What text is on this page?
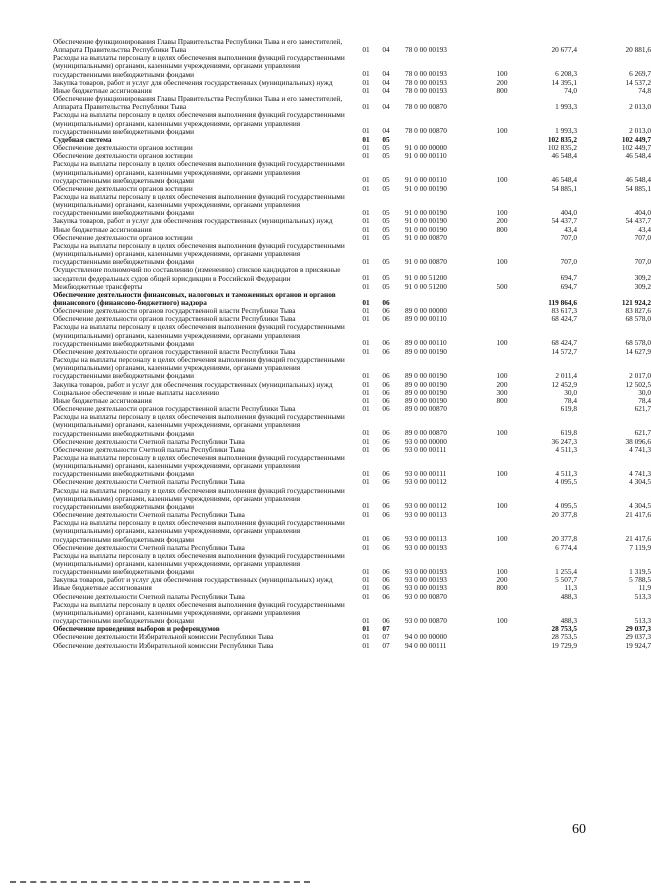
Обеспечение функционирования Главы Правительства Республики Тыва и его заместителей, Аппарата Правительства Республики Тыва	01	04	78 0 00 00193	20 677,4	20 881,6
Расходы на выплаты персоналу в целях обеспечения выполнения функций государственными (муниципальными) органами, казенными учреждениями, органами управления государственными внебюджетными фондами	01	04	78 0 00 00193	100	6 208,3	6 269,7
Закупка товаров, работ и услуг для обеспечения государственных (муниципальных) нужд	01	04	78 0 00 00193	200	14 395,1	14 537,2
Иные бюджетные ассигнования	01	04	78 0 00 00193	800	74,0	74,8
Обеспечение функционирования Главы Правительства Республики Тыва и его заместителей, Аппарата Правительства Республики Тыва	01	04	78 0 00 00870	1 993,3	2 013,0
Расходы на выплаты персоналу в целях обеспечения выполнения функций государственными (муниципальными) органами, казенными учреждениями, органами управления государственными внебюджетными фондами	01	04	78 0 00 00870	100	1 993,3	2 013,0
Судебная система	01	05	102 835,2	102 449,7
Обеспечение деятельности органов юстиции	01	05	91 0 00 00000	102 835,2	102 449,7
Обеспечение деятельности органов юстиции	01	05	91 0 00 00110	46 548,4	46 548,4
Расходы на выплаты персоналу в целях обеспечения выполнения функций государственными (муниципальными) органами, казенными учреждениями, органами управления государственными внебюджетными фондами	01	05	91 0 00 00110	100	46 548,4	46 548,4
Обеспечение деятельности органов юстиции	01	05	91 0 00 00190	54 885,1	54 885,1
Расходы на выплаты персоналу в целях обеспечения выполнения функций государственными (муниципальными) органами, казенными учреждениями, органами управления государственными внебюджетными фондами	01	05	91 0 00 00190	100	404,0	404,0
Закупка товаров, работ и услуг для обеспечения государственных (муниципальных) нужд	01	05	91 0 00 00190	200	54 437,7	54 437,7
Иные бюджетные ассигнования	01	05	91 0 00 00190	800	43,4	43,4
Обеспечение деятельности органов юстиции	01	05	91 0 00 00870	707,0	707,0
Расходы на выплаты персоналу в целях обеспечения выполнения функций государственными (муниципальными) органами, казенными учреждениями, органами управления государственными внебюджетными фондами	01	05	91 0 00 00870	100	707,0	707,0
Осуществление полномочий по составлению (изменению) списков кандидатов в присяжные заседатели федеральных судов общей юрисдикции в Российской Федерации	01	05	91 0 00 51200	694,7	309,2
Межбюджетные трансферты	01	05	91 0 00 51200	500	694,7	309,2
Обеспечение деятельности финансовых, налоговых и таможенных органов и органов финансового (финансово-бюджетного) надзора	01	06	119 864,6	121 924,2
Обеспечение деятельности органов государственной власти Республики Тыва	01	06	89 0 00 00000	83 617,3	83 827,6
Обеспечение деятельности органов государственной власти Республики Тыва	01	06	89 0 00 00110	68 424,7	68 578,0
Расходы на выплаты персоналу в целях обеспечения выполнения функций государственными (муниципальными) органами, казенными учреждениями, органами управления государственными внебюджетными фондами	01	06	89 0 00 00110	100	68 424,7	68 578,0
Обеспечение деятельности органов государственной власти Республики Тыва	01	06	89 0 00 00190	14 572,7	14 627,9
Расходы на выплаты персоналу в целях обеспечения выполнения функций государственными (муниципальными) органами, казенными учреждениями, органами управления государственными внебюджетными фондами	01	06	89 0 00 00190	100	2 011,4	2 017,0
Закупка товаров, работ и услуг для обеспечения государственных (муниципальных) нужд	01	06	89 0 00 00190	200	12 452,9	12 502,5
Социальное обеспечение и иные выплаты населению	01	06	89 0 00 00190	300	30,0	30,0
Иные бюджетные ассигнования	01	06	89 0 00 00190	800	78,4	78,4
Обеспечение деятельности органов государственной власти Республики Тыва	01	06	89 0 00 00870	619,8	621,7
Расходы на выплаты персоналу в целях обеспечения выполнения функций государственными (муниципальными) органами, казенными учреждениями, органами управления государственными внебюджетными фондами	01	06	89 0 00 00870	100	619,8	621,7
Обеспечение деятельности Счетной палаты Республики Тыва	01	06	93 0 00 00000	36 247,3	38 096,6
Обеспечение деятельности Счетной палаты Республики Тыва	01	06	93 0 00 00111	4 511,3	4 741,3
Расходы на выплаты персоналу в целях обеспечения выполнения функций государственными (муниципальными) органами, казенными учреждениями, органами управления государственными внебюджетными фондами	01	06	93 0 00 00111	100	4 511,3	4 741,3
Обеспечение деятельности Счетной палаты Республики Тыва	01	06	93 0 00 00112	4 095,5	4 304,5
Расходы на выплаты персоналу в целях обеспечения выполнения функций государственными (муниципальными) органами, казенными учреждениями, органами управления государственными внебюджетными фондами	01	06	93 0 00 00112	100	4 095,5	4 304,5
Обеспечение деятельности Счетной палаты Республики Тыва	01	06	93 0 00 00113	20 377,8	21 417,6
Расходы на выплаты персоналу в целях обеспечения выполнения функций государственными (муниципальными) органами, казенными учреждениями, органами управления государственными внебюджетными фондами	01	06	93 0 00 00113	100	20 377,8	21 417,6
Обеспечение деятельности Счетной палаты Республики Тыва	01	06	93 0 00 00193	6 774,4	7 119,9
Расходы на выплаты персоналу в целях обеспечения выполнения функций государственными (муниципальными) органами, казенными учреждениями, органами управления государственными внебюджетными фондами	01	06	93 0 00 00193	100	1 255,4	1 319,5
Закупка товаров, работ и услуг для обеспечения государственных (муниципальных) нужд	01	06	93 0 00 00193	200	5 507,7	5 788,5
Иные бюджетные ассигнования	01	06	93 0 00 00193	800	11,3	11,9
Обеспечение деятельности Счетной палаты Республики Тыва	01	06	93 0 00 00870	488,3	513,3
Расходы на выплаты персоналу в целях обеспечения выполнения функций государственными (муниципальными) органами, казенными учреждениями, органами управления государственными внебюджетными фондами	01	06	93 0 00 00870	100	488,3	513,3
Обеспечение проведения выборов и референдумов	01	07	28 753,5	29 037,3
Обеспечение деятельности Избирательной комиссии Республики Тыва	01	07	94 0 00 00000	28 753,5	29 037,3
Обеспечение деятельности Избирательной комиссии Республики Тыва	01	07	94 0 00 00111	19 729,9	19 924,7
60
